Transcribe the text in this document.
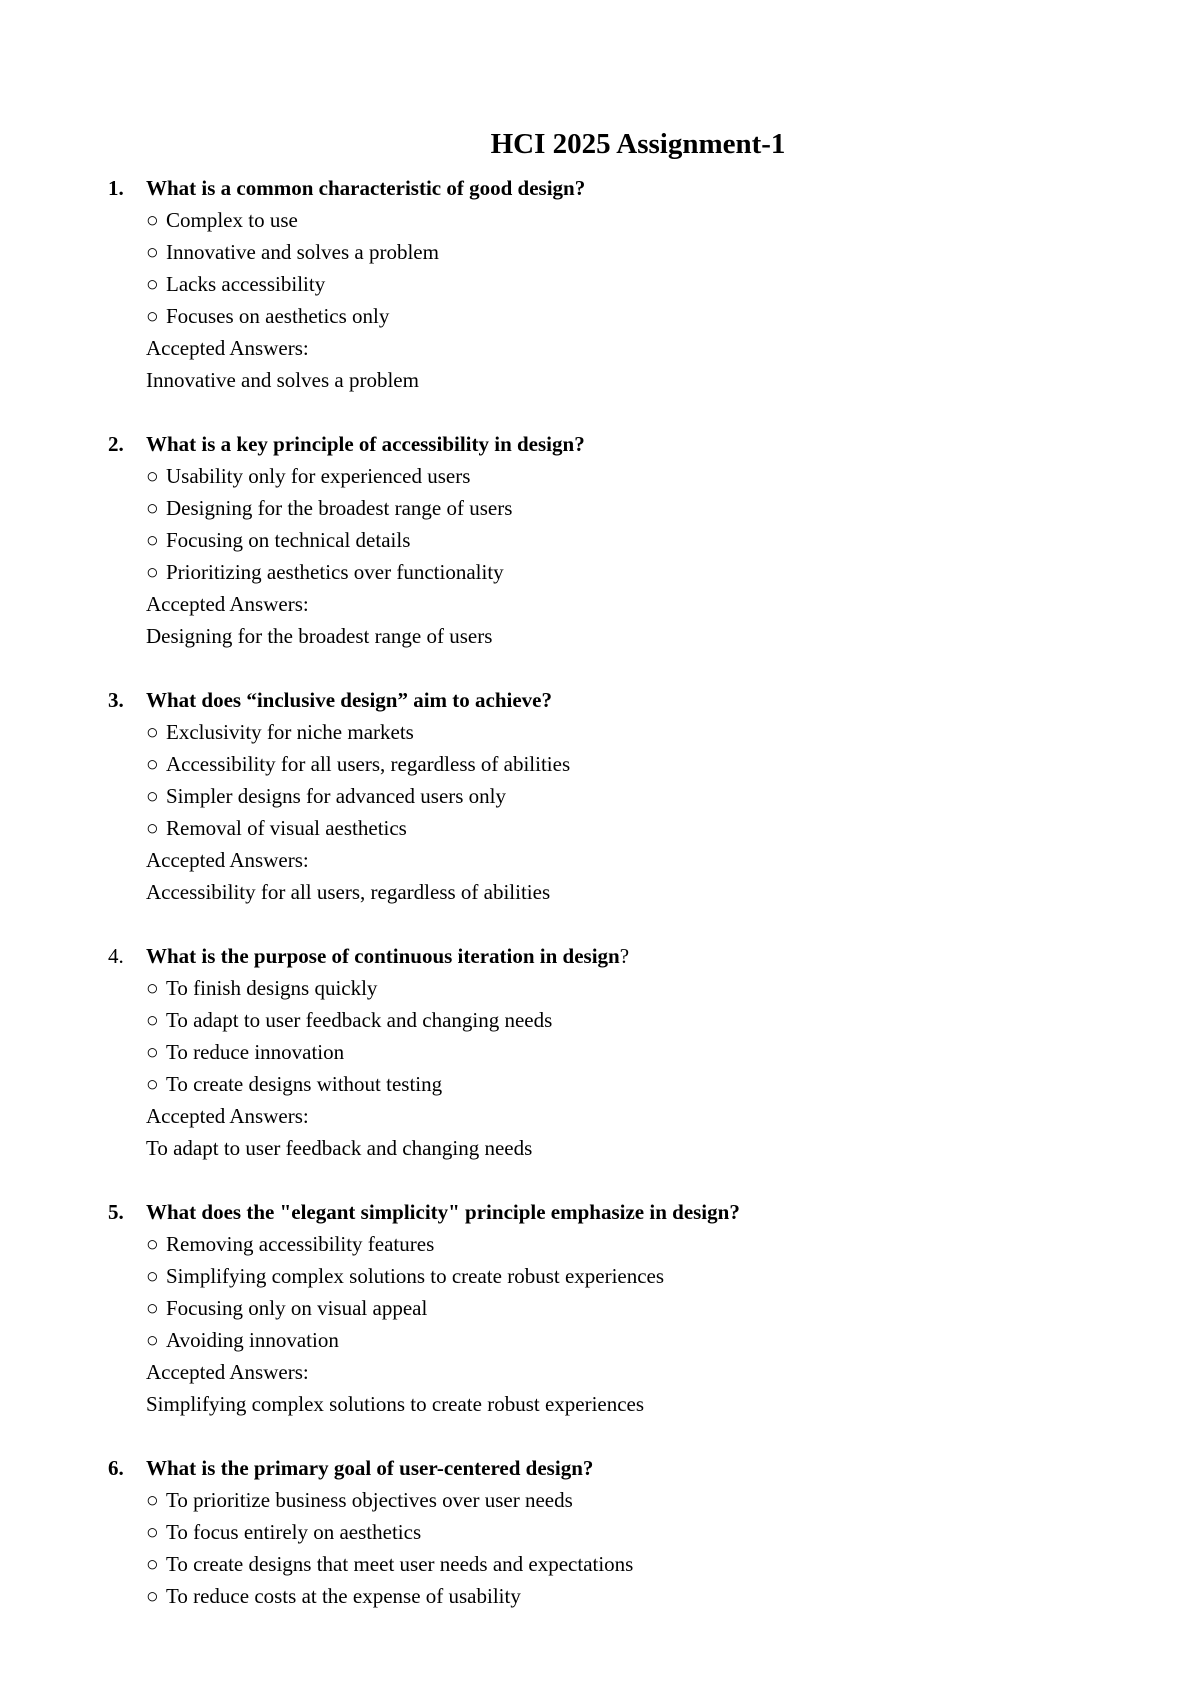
HCI 2025 Assignment-1
1. What is a common characteristic of good design?
○ Complex to use
○ Innovative and solves a problem
○ Lacks accessibility
○ Focuses on aesthetics only
Accepted Answers:
Innovative and solves a problem
2. What is a key principle of accessibility in design?
○ Usability only for experienced users
○ Designing for the broadest range of users
○ Focusing on technical details
○ Prioritizing aesthetics over functionality
Accepted Answers:
Designing for the broadest range of users
3. What does “inclusive design” aim to achieve?
○ Exclusivity for niche markets
○ Accessibility for all users, regardless of abilities
○ Simpler designs for advanced users only
○ Removal of visual aesthetics
Accepted Answers:
Accessibility for all users, regardless of abilities
4. What is the purpose of continuous iteration in design?
○ To finish designs quickly
○ To adapt to user feedback and changing needs
○ To reduce innovation
○ To create designs without testing
Accepted Answers:
To adapt to user feedback and changing needs
5. What does the "elegant simplicity" principle emphasize in design?
○ Removing accessibility features
○ Simplifying complex solutions to create robust experiences
○ Focusing only on visual appeal
○ Avoiding innovation
Accepted Answers:
Simplifying complex solutions to create robust experiences
6. What is the primary goal of user-centered design?
○ To prioritize business objectives over user needs
○ To focus entirely on aesthetics
○ To create designs that meet user needs and expectations
○ To reduce costs at the expense of usability
